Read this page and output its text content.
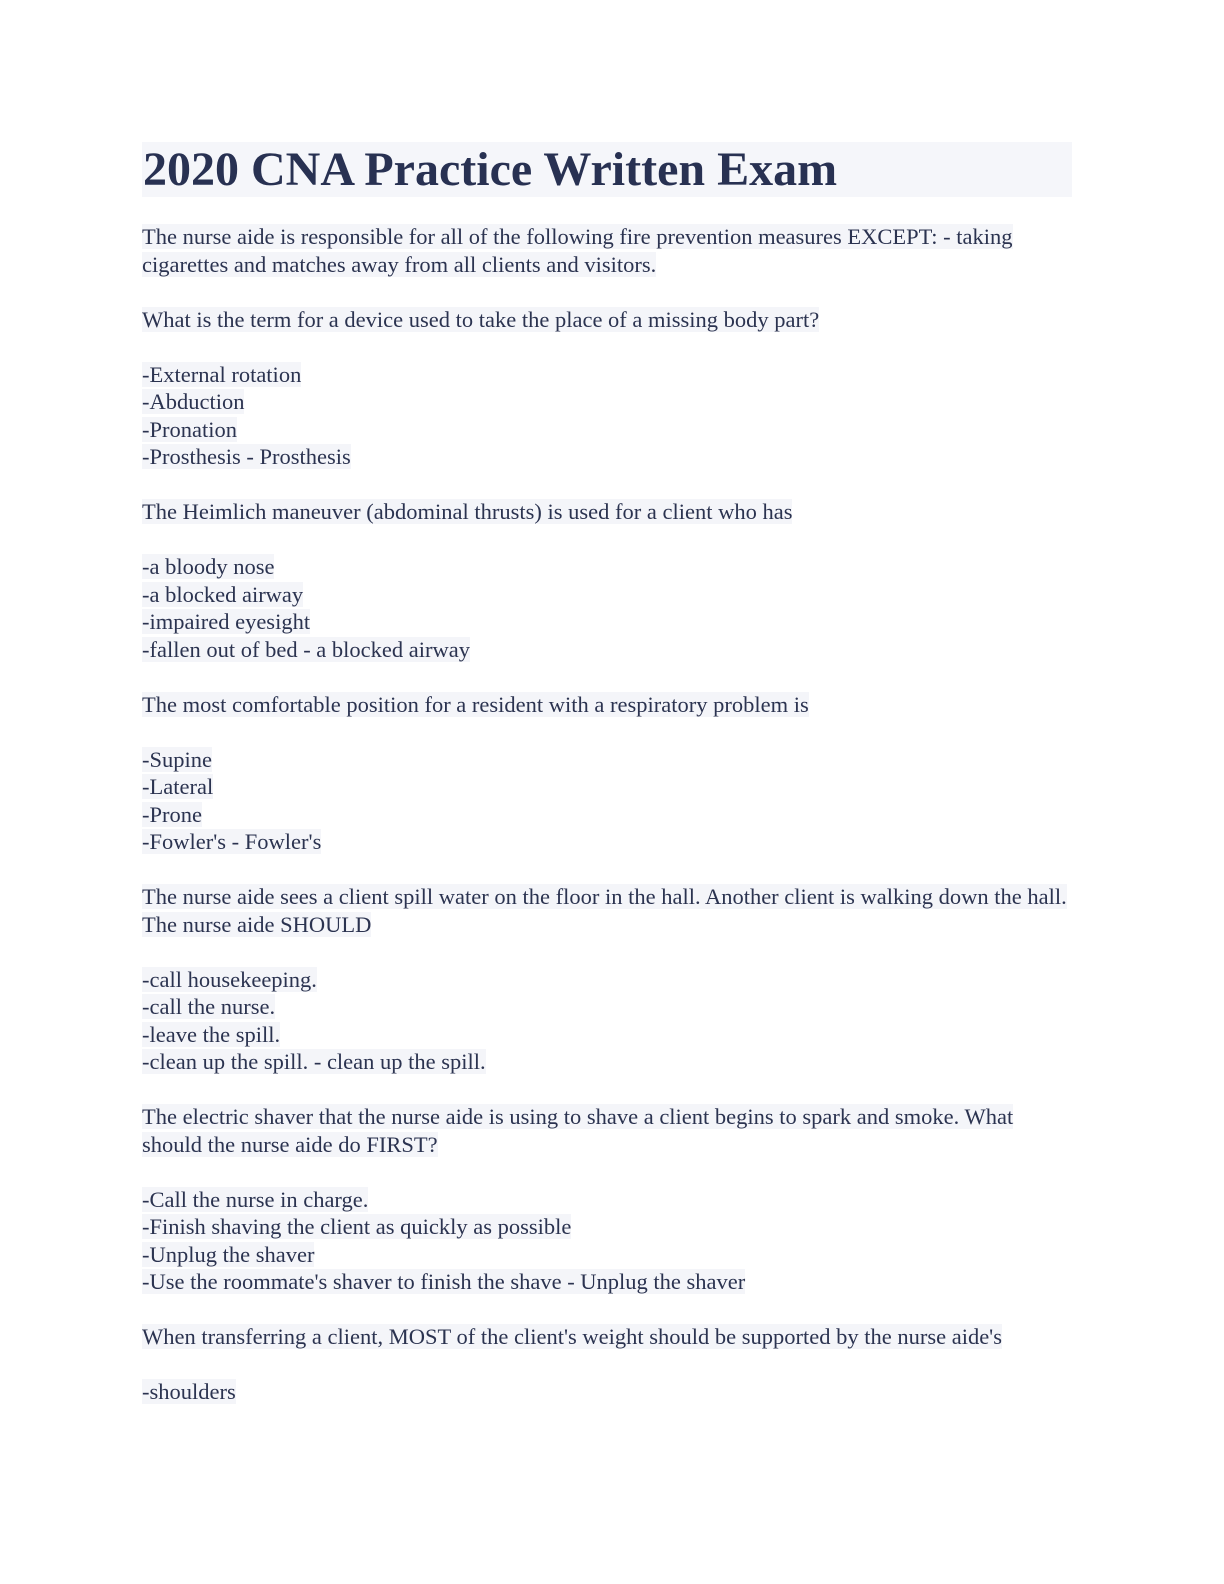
2020 CNA Practice Written Exam
The nurse aide is responsible for all of the following fire prevention measures EXCEPT: - taking cigarettes and matches away from all clients and visitors.
What is the term for a device used to take the place of a missing body part?
-External rotation
-Abduction
-Pronation
-Prosthesis - Prosthesis
The Heimlich maneuver (abdominal thrusts) is used for a client who has
-a bloody nose
-a blocked airway
-impaired eyesight
-fallen out of bed - a blocked airway
The most comfortable position for a resident with a respiratory problem is
-Supine
-Lateral
-Prone
-Fowler's - Fowler's
The nurse aide sees a client spill water on the floor in the hall. Another client is walking down the hall. The nurse aide SHOULD
-call housekeeping.
-call the nurse.
-leave the spill.
-clean up the spill. - clean up the spill.
The electric shaver that the nurse aide is using to shave a client begins to spark and smoke. What should the nurse aide do FIRST?
-Call the nurse in charge.
-Finish shaving the client as quickly as possible
-Unplug the shaver
-Use the roommate's shaver to finish the shave - Unplug the shaver
When transferring a client, MOST of the client's weight should be supported by the nurse aide's
-shoulders
